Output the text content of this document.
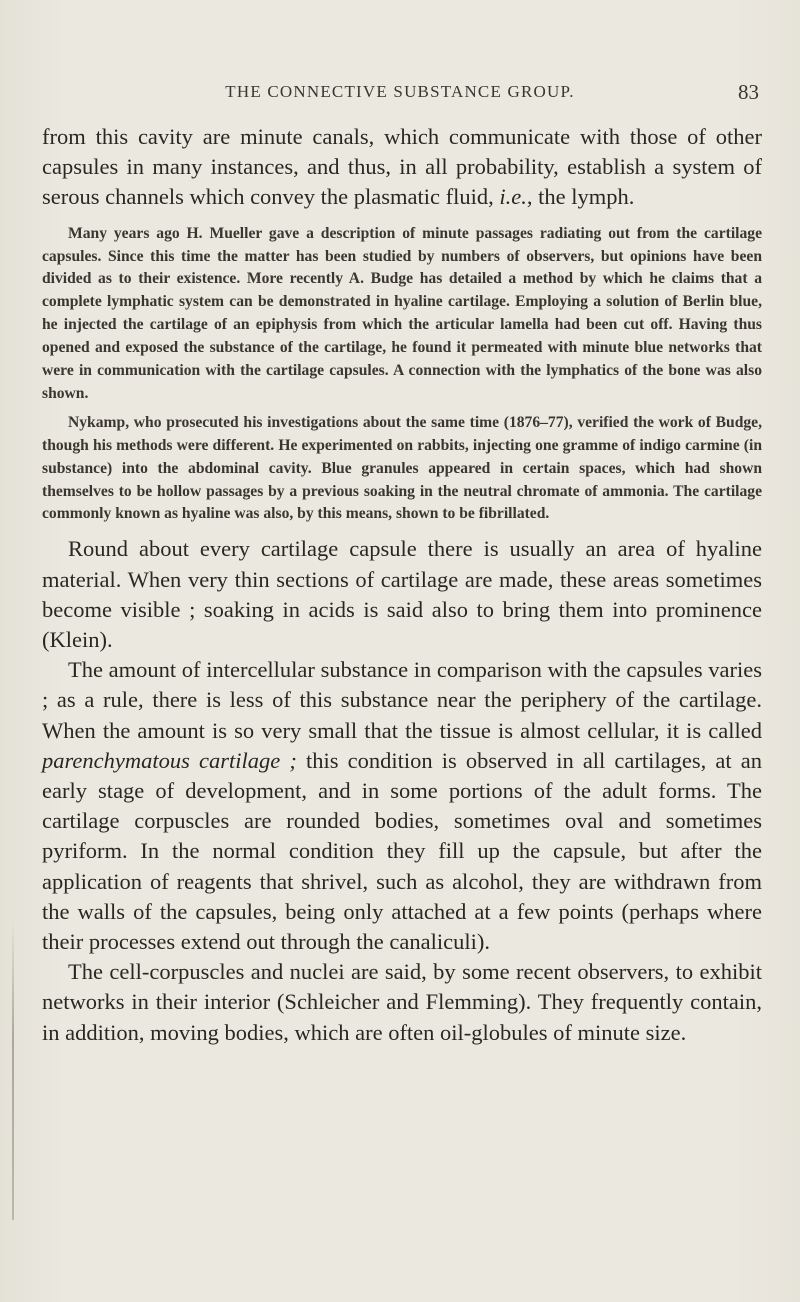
THE CONNECTIVE SUBSTANCE GROUP.	83

from this cavity are minute canals, which communicate with those of other capsules in many instances, and thus, in all probability, establish a system of serous channels which convey the plasmatic fluid, i.e., the lymph.

Many years ago H. Mueller gave a description of minute passages radiating out from the cartilage capsules. Since this time the matter has been studied by numbers of observers, but opinions have been divided as to their existence. More recently A. Budge has detailed a method by which he claims that a complete lymphatic system can be demonstrated in hyaline cartilage. Employing a solution of Berlin blue, he injected the cartilage of an epiphysis from which the articular lamella had been cut off. Having thus opened and exposed the substance of the cartilage, he found it permeated with minute blue networks that were in communication with the cartilage capsules. A connection with the lymphatics of the bone was also shown.

Nykamp, who prosecuted his investigations about the same time (1876–77), verified the work of Budge, though his methods were different. He experimented on rabbits, injecting one gramme of indigo carmine (in substance) into the abdominal cavity. Blue granules appeared in certain spaces, which had shown themselves to be hollow passages by a previous soaking in the neutral chromate of ammonia. The cartilage commonly known as hyaline was also, by this means, shown to be fibrillated.

Round about every cartilage capsule there is usually an area of hyaline material. When very thin sections of cartilage are made, these areas sometimes become visible ; soaking in acids is said also to bring them into prominence (Klein).

The amount of intercellular substance in comparison with the capsules varies ; as a rule, there is less of this substance near the periphery of the cartilage. When the amount is so very small that the tissue is almost cellular, it is called parenchymatous cartilage ; this condition is observed in all cartilages, at an early stage of development, and in some portions of the adult forms. The cartilage corpuscles are rounded bodies, sometimes oval and sometimes pyriform. In the normal condition they fill up the capsule, but after the application of reagents that shrivel, such as alcohol, they are withdrawn from the walls of the capsules, being only attached at a few points (perhaps where their processes extend out through the canaliculi).

The cell-corpuscles and nuclei are said, by some recent observers, to exhibit networks in their interior (Schleicher and Flemming). They frequently contain, in addition, moving bodies, which are often oil-globules of minute size.
